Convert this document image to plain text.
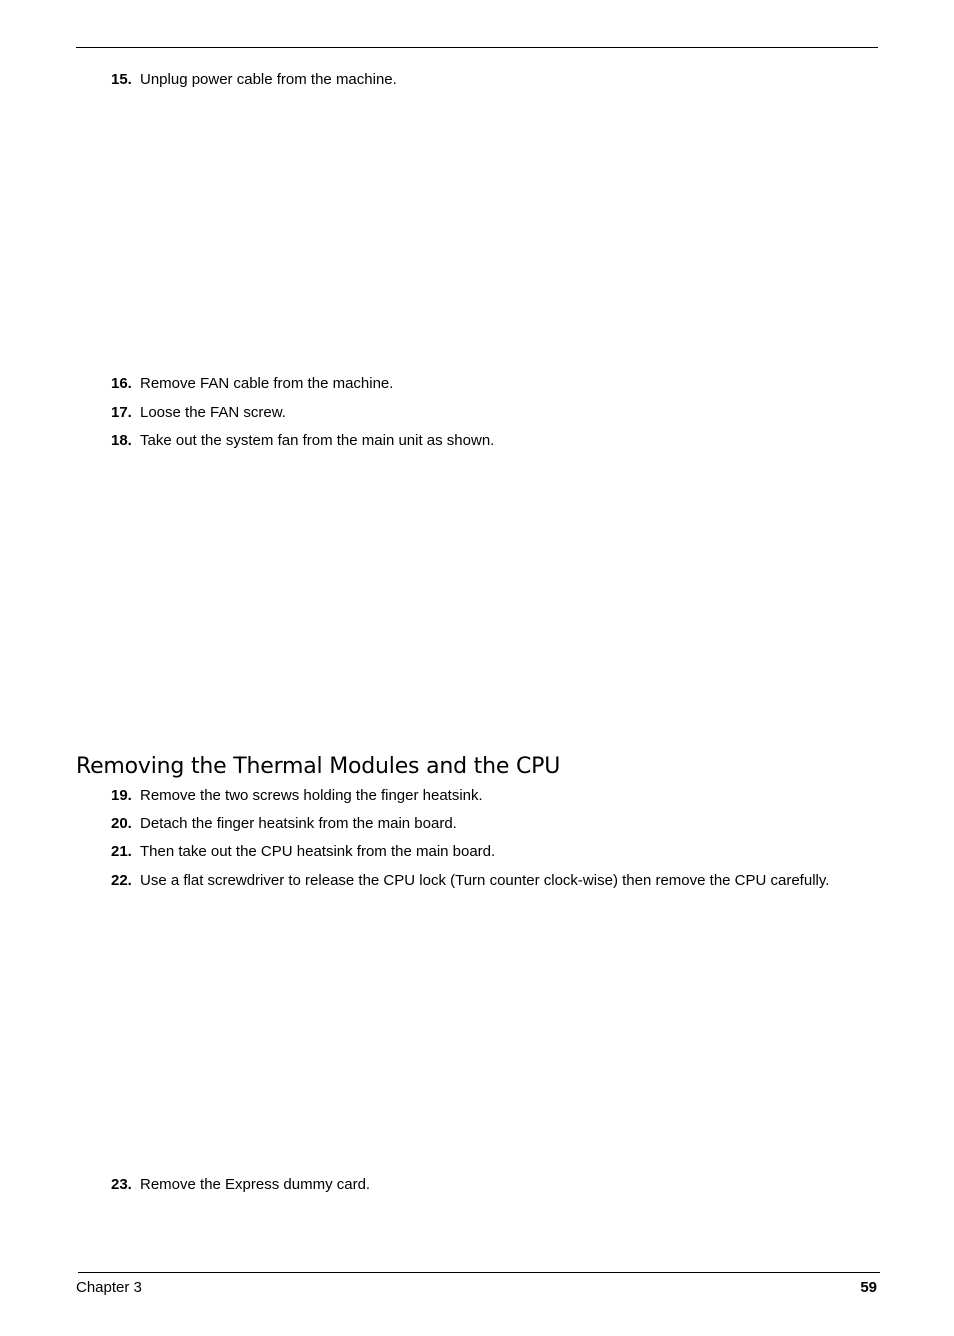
15. Unplug power cable from the machine.
16. Remove FAN cable from the machine.
17. Loose the FAN screw.
18. Take out the system fan from the main unit as shown.
Removing the Thermal Modules and the CPU
19. Remove the two screws holding the finger heatsink.
20. Detach the finger heatsink from the main board.
21. Then take out the CPU heatsink from the main board.
22. Use a flat screwdriver to release the CPU lock (Turn counter clock-wise) then remove the CPU carefully.
23. Remove the Express dummy card.
Chapter 3	59
